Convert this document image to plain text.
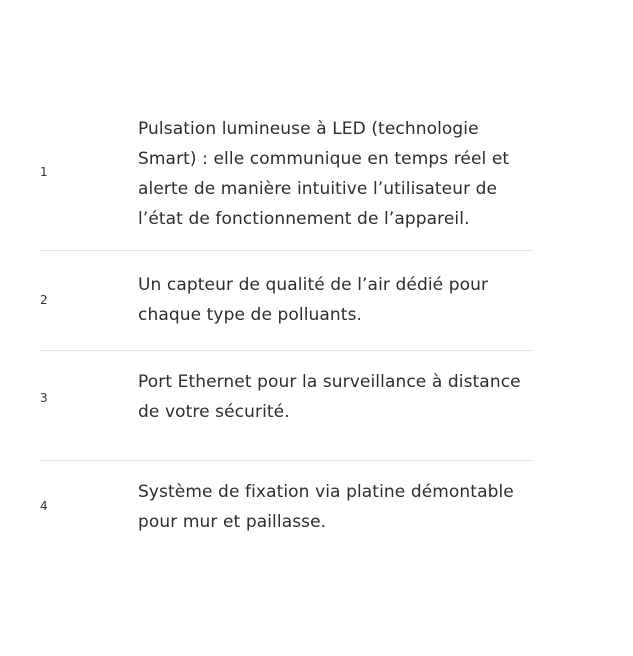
1
Pulsation lumineuse à LED (technologie Smart) : elle communique en temps réel et alerte de manière intuitive l’utilisateur de l’état de fonctionnement de l’appareil.
2
Un capteur de qualité de l’air dédié pour chaque type de polluants.
3
Port Ethernet pour la surveillance à distance de votre sécurité.
4
Système de fixation via platine démontable pour mur et paillasse.
